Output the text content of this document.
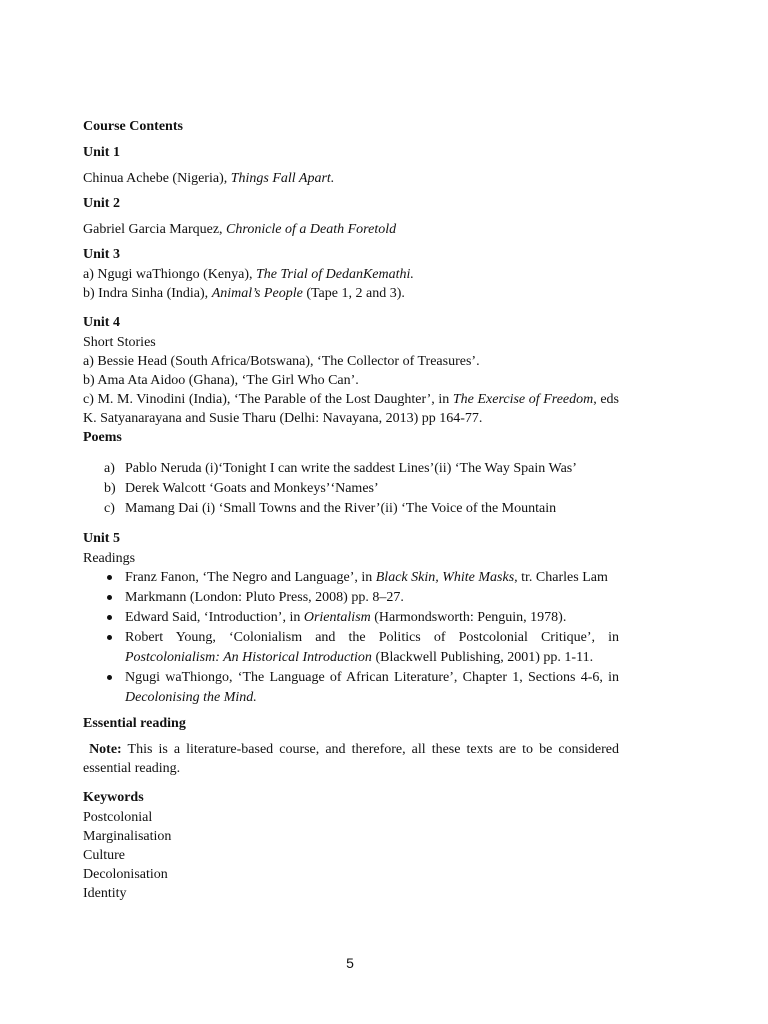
Course Contents

Unit 1

Chinua Achebe (Nigeria), Things Fall Apart.

Unit 2

Gabriel Garcia Marquez, Chronicle of a Death Foretold

Unit 3

a) Ngugi waThiongo (Kenya), The Trial of DedanKemathi.

b) Indra Sinha (India), Animal’s People (Tape 1, 2 and 3).

Unit 4

Short Stories

a) Bessie Head (South Africa/Botswana), ‘The Collector of Treasures’.

b) Ama Ata Aidoo (Ghana), ‘The Girl Who Can’.

c) M. M. Vinodini (India), ‘The Parable of the Lost Daughter’, in The Exercise of Freedom, eds K. Satyanarayana and Susie Tharu (Delhi: Navayana, 2013) pp 164-77.

Poems

a) Pablo Neruda (i)‘Tonight I can write the saddest Lines’(ii) ‘The Way Spain Was’
b) Derek Walcott ‘Goats and Monkeys’‘Names’
c) Mamang Dai (i) ‘Small Towns and the River’(ii) ‘The Voice of the Mountain

Unit 5

Readings

Franz Fanon, ‘The Negro and Language’, in Black Skin, White Masks, tr. Charles Lam
Markmann (London: Pluto Press, 2008) pp. 8–27.
Edward Said, ‘Introduction’, in Orientalism (Harmondsworth: Penguin, 1978).
Robert Young, ‘Colonialism and the Politics of Postcolonial Critique’, in Postcolonialism: An Historical Introduction (Blackwell Publishing, 2001) pp. 1-11.
Ngugi waThiongo, ‘The Language of African Literature’, Chapter 1, Sections 4-6, in Decolonising the Mind.

Essential reading

Note: This is a literature-based course, and therefore, all these texts are to be considered essential reading.

Keywords

Postcolonial

Marginalisation

Culture

Decolonisation

Identity

5
